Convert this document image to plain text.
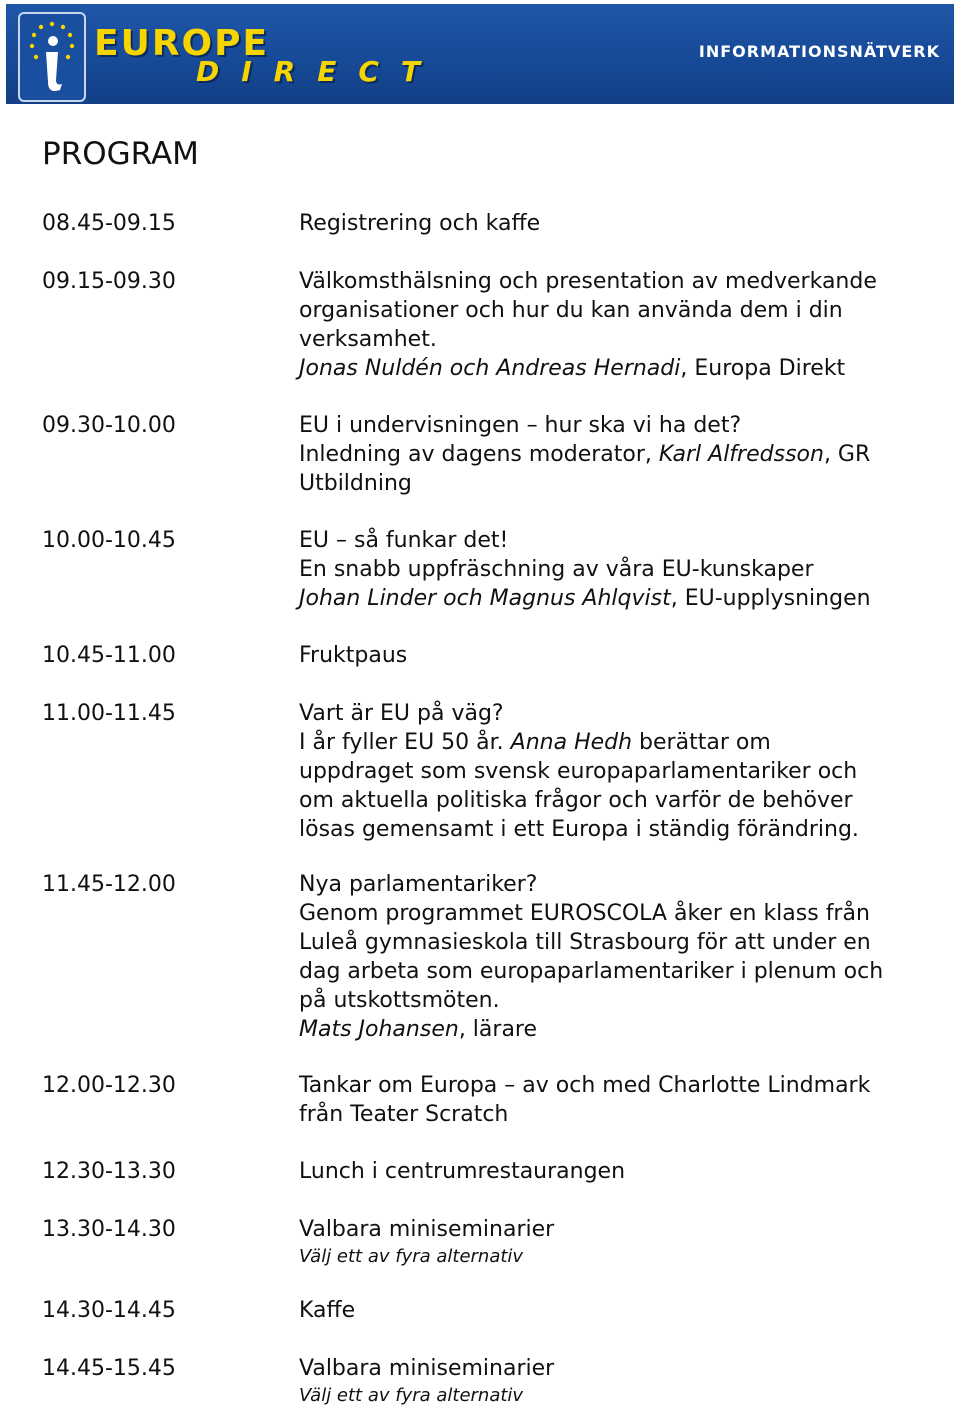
EUROPE
DIRECT
INFORMATIONSNÄTVERK
PROGRAM
08.45-09.15	Registrering och kaffe
09.15-09.30	Välkomsthälsning och presentation av medverkande
organisationer och hur du kan använda dem i din
verksamhet.
Jonas Nuldén och Andreas Hernadi, Europa Direkt
09.30-10.00	EU i undervisningen – hur ska vi ha det?
Inledning av dagens moderator, Karl Alfredsson, GR
Utbildning
10.00-10.45	EU – så funkar det!
En snabb uppfräschning av våra EU-kunskaper
Johan Linder och Magnus Ahlqvist, EU-upplysningen
10.45-11.00	Fruktpaus
11.00-11.45	Vart är EU på väg?
I år fyller EU 50 år. Anna Hedh berättar om
uppdraget som svensk europaparlamentariker och
om aktuella politiska frågor och varför de behöver
lösas gemensamt i ett Europa i ständig förändring.
11.45-12.00	Nya parlamentariker?
Genom programmet EUROSCOLA åker en klass från
Luleå gymnasieskola till Strasbourg för att under en
dag arbeta som europaparlamentariker i plenum och
på utskottsmöten.
Mats Johansen, lärare
12.00-12.30	Tankar om Europa – av och med Charlotte Lindmark
från Teater Scratch
12.30-13.30	Lunch i centrumrestaurangen
13.30-14.30	Valbara miniseminarier
Välj ett av fyra alternativ
14.30-14.45	Kaffe
14.45-15.45	Valbara miniseminarier
Välj ett av fyra alternativ
